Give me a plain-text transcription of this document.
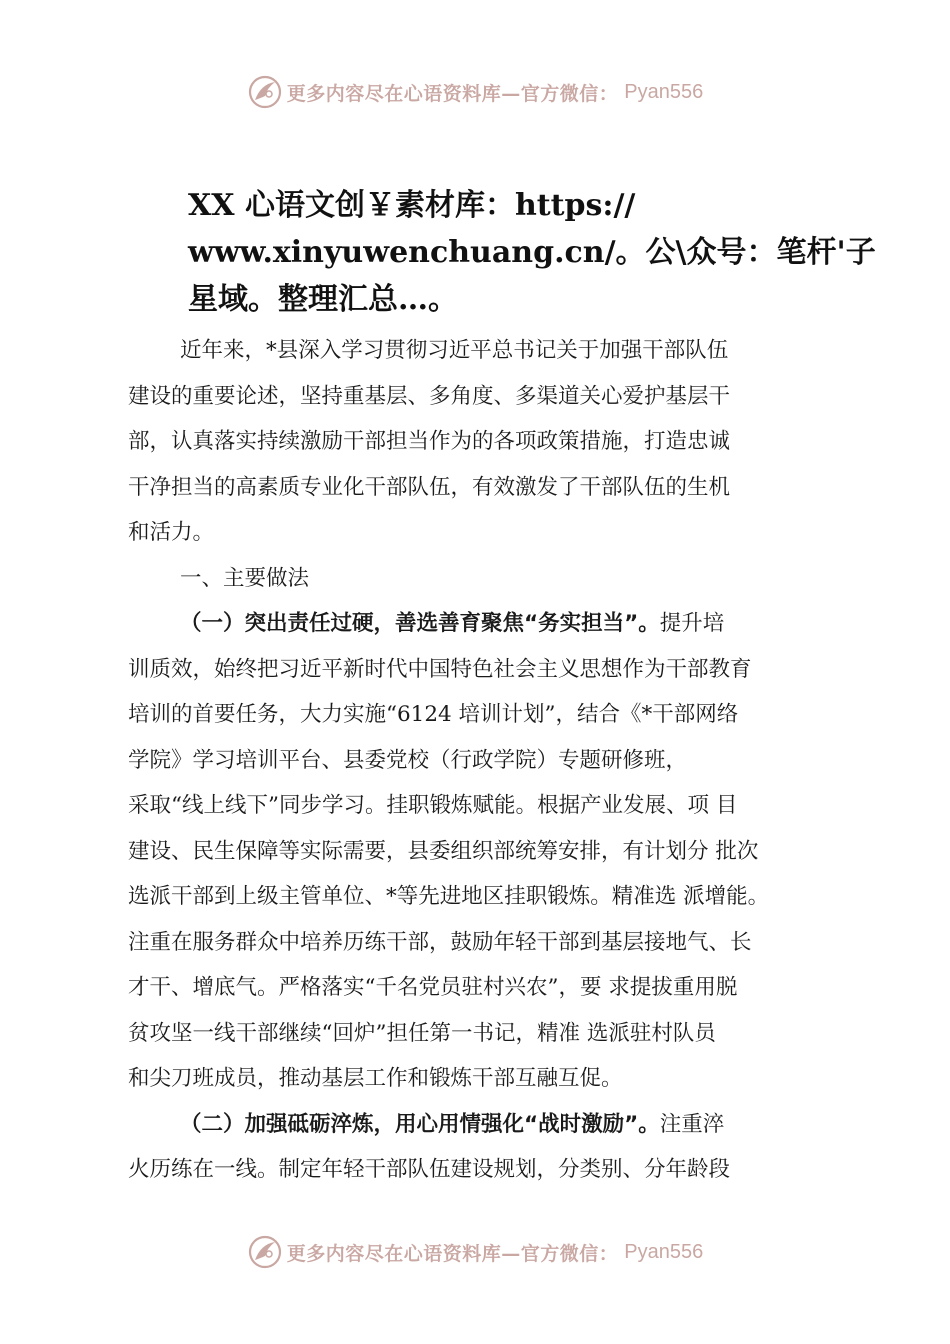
更多内容尽在心语资料库—官方微信： Pyan556
XX 心语文创￥素材库：https://
www.xinyuwenchuang.cn/。公\众号：笔杆'子
星域。整理汇总…。
近年来，*县深入学习贯彻习近平总书记关于加强干部队伍
建设的重要论述，坚持重基层、多角度、多渠道关心爱护基层干
部，认真落实持续激励干部担当作为的各项政策措施，打造忠诚
干净担当的高素质专业化干部队伍，有效激发了干部队伍的生机
和活力。
一、主要做法
（一）突出责任过硬，善选善育聚焦“务实担当”。提升培
训质效，始终把习近平新时代中国特色社会主义思想作为干部教育
培训的首要任务，大力实施“6124 培训计划”，结合《*干部网络
学院》学习培训平台、县委党校（行政学院）专题研修班，
采取“线上线下”同步学习。挂职锻炼赋能。根据产业发展、项 目
建设、民生保障等实际需要，县委组织部统筹安排，有计划分 批次
选派干部到上级主管单位、*等先进地区挂职锻炼。精准选 派增能。
注重在服务群众中培养历练干部，鼓励年轻干部到基层接地气、长
才干、增底气。严格落实“千名党员驻村兴农”，要 求提拔重用脱
贫攻坚一线干部继续“回炉”担任第一书记，精准 选派驻村队员
和尖刀班成员，推动基层工作和锻炼干部互融互促。
（二）加强砥砺淬炼，用心用情强化“战时激励”。注重淬
火历练在一线。制定年轻干部队伍建设规划，分类别、分年龄段
更多内容尽在心语资料库—官方微信： Pyan556
